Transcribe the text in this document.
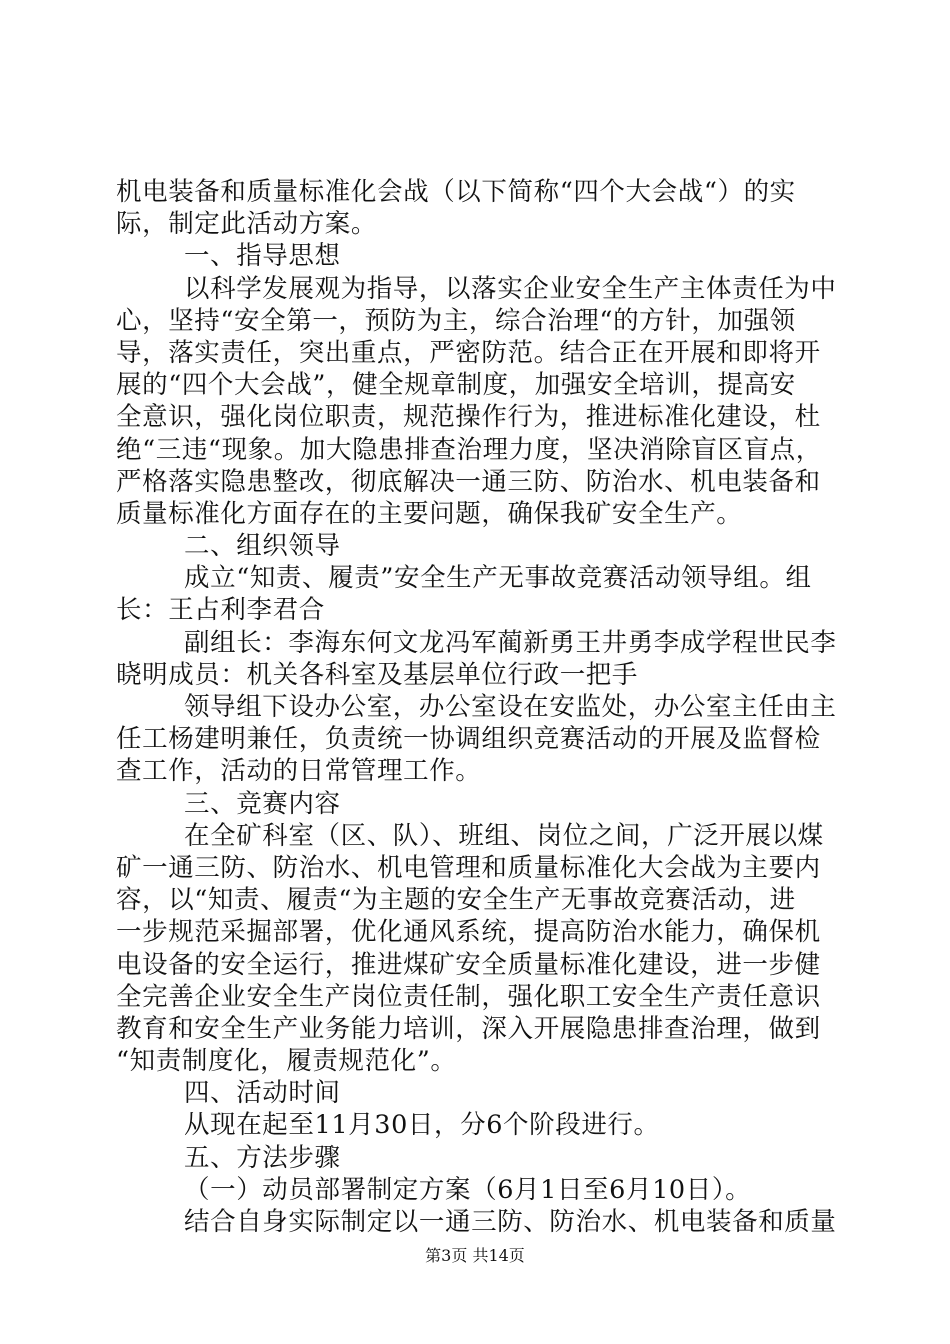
机电装备和质量标准化会战（以下简称“四个大会战“）的实
际，制定此活动方案。
一、指导思想
以科学发展观为指导，以落实企业安全生产主体责任为中
心，坚持“安全第一，预防为主，综合治理“的方针，加强领
导，落实责任，突出重点，严密防范。结合正在开展和即将开
展的“四个大会战”，健全规章制度，加强安全培训，提高安
全意识，强化岗位职责，规范操作行为，推进标准化建设，杜
绝“三违“现象。加大隐患排查治理力度，坚决消除盲区盲点，
严格落实隐患整改，彻底解决一通三防、防治水、机电装备和
质量标准化方面存在的主要问题，确保我矿安全生产。
二、组织领导
成立“知责、履责”安全生产无事故竞赛活动领导组。组
长：王占利李君合
副组长：李海东何文龙冯军蔺新勇王井勇李成学程世民李
晓明成员：机关各科室及基层单位行政一把手
领导组下设办公室，办公室设在安监处，办公室主任由主
任工杨建明兼任，负责统一协调组织竞赛活动的开展及监督检
查工作，活动的日常管理工作。
三、竞赛内容
在全矿科室（区、队）、班组、岗位之间，广泛开展以煤
矿一通三防、防治水、机电管理和质量标准化大会战为主要内
容，以“知责、履责“为主题的安全生产无事故竞赛活动，进
一步规范采掘部署，优化通风系统，提高防治水能力，确保机
电设备的安全运行，推进煤矿安全质量标准化建设，进一步健
全完善企业安全生产岗位责任制，强化职工安全生产责任意识
教育和安全生产业务能力培训，深入开展隐患排查治理，做到
“知责制度化，履责规范化”。
四、活动时间
从现在起至11月30日，分6个阶段进行。
五、方法步骤
（一）动员部署制定方案（6月1日至6月10日）。
结合自身实际制定以一通三防、防治水、机电装备和质量
第3页 共14页
